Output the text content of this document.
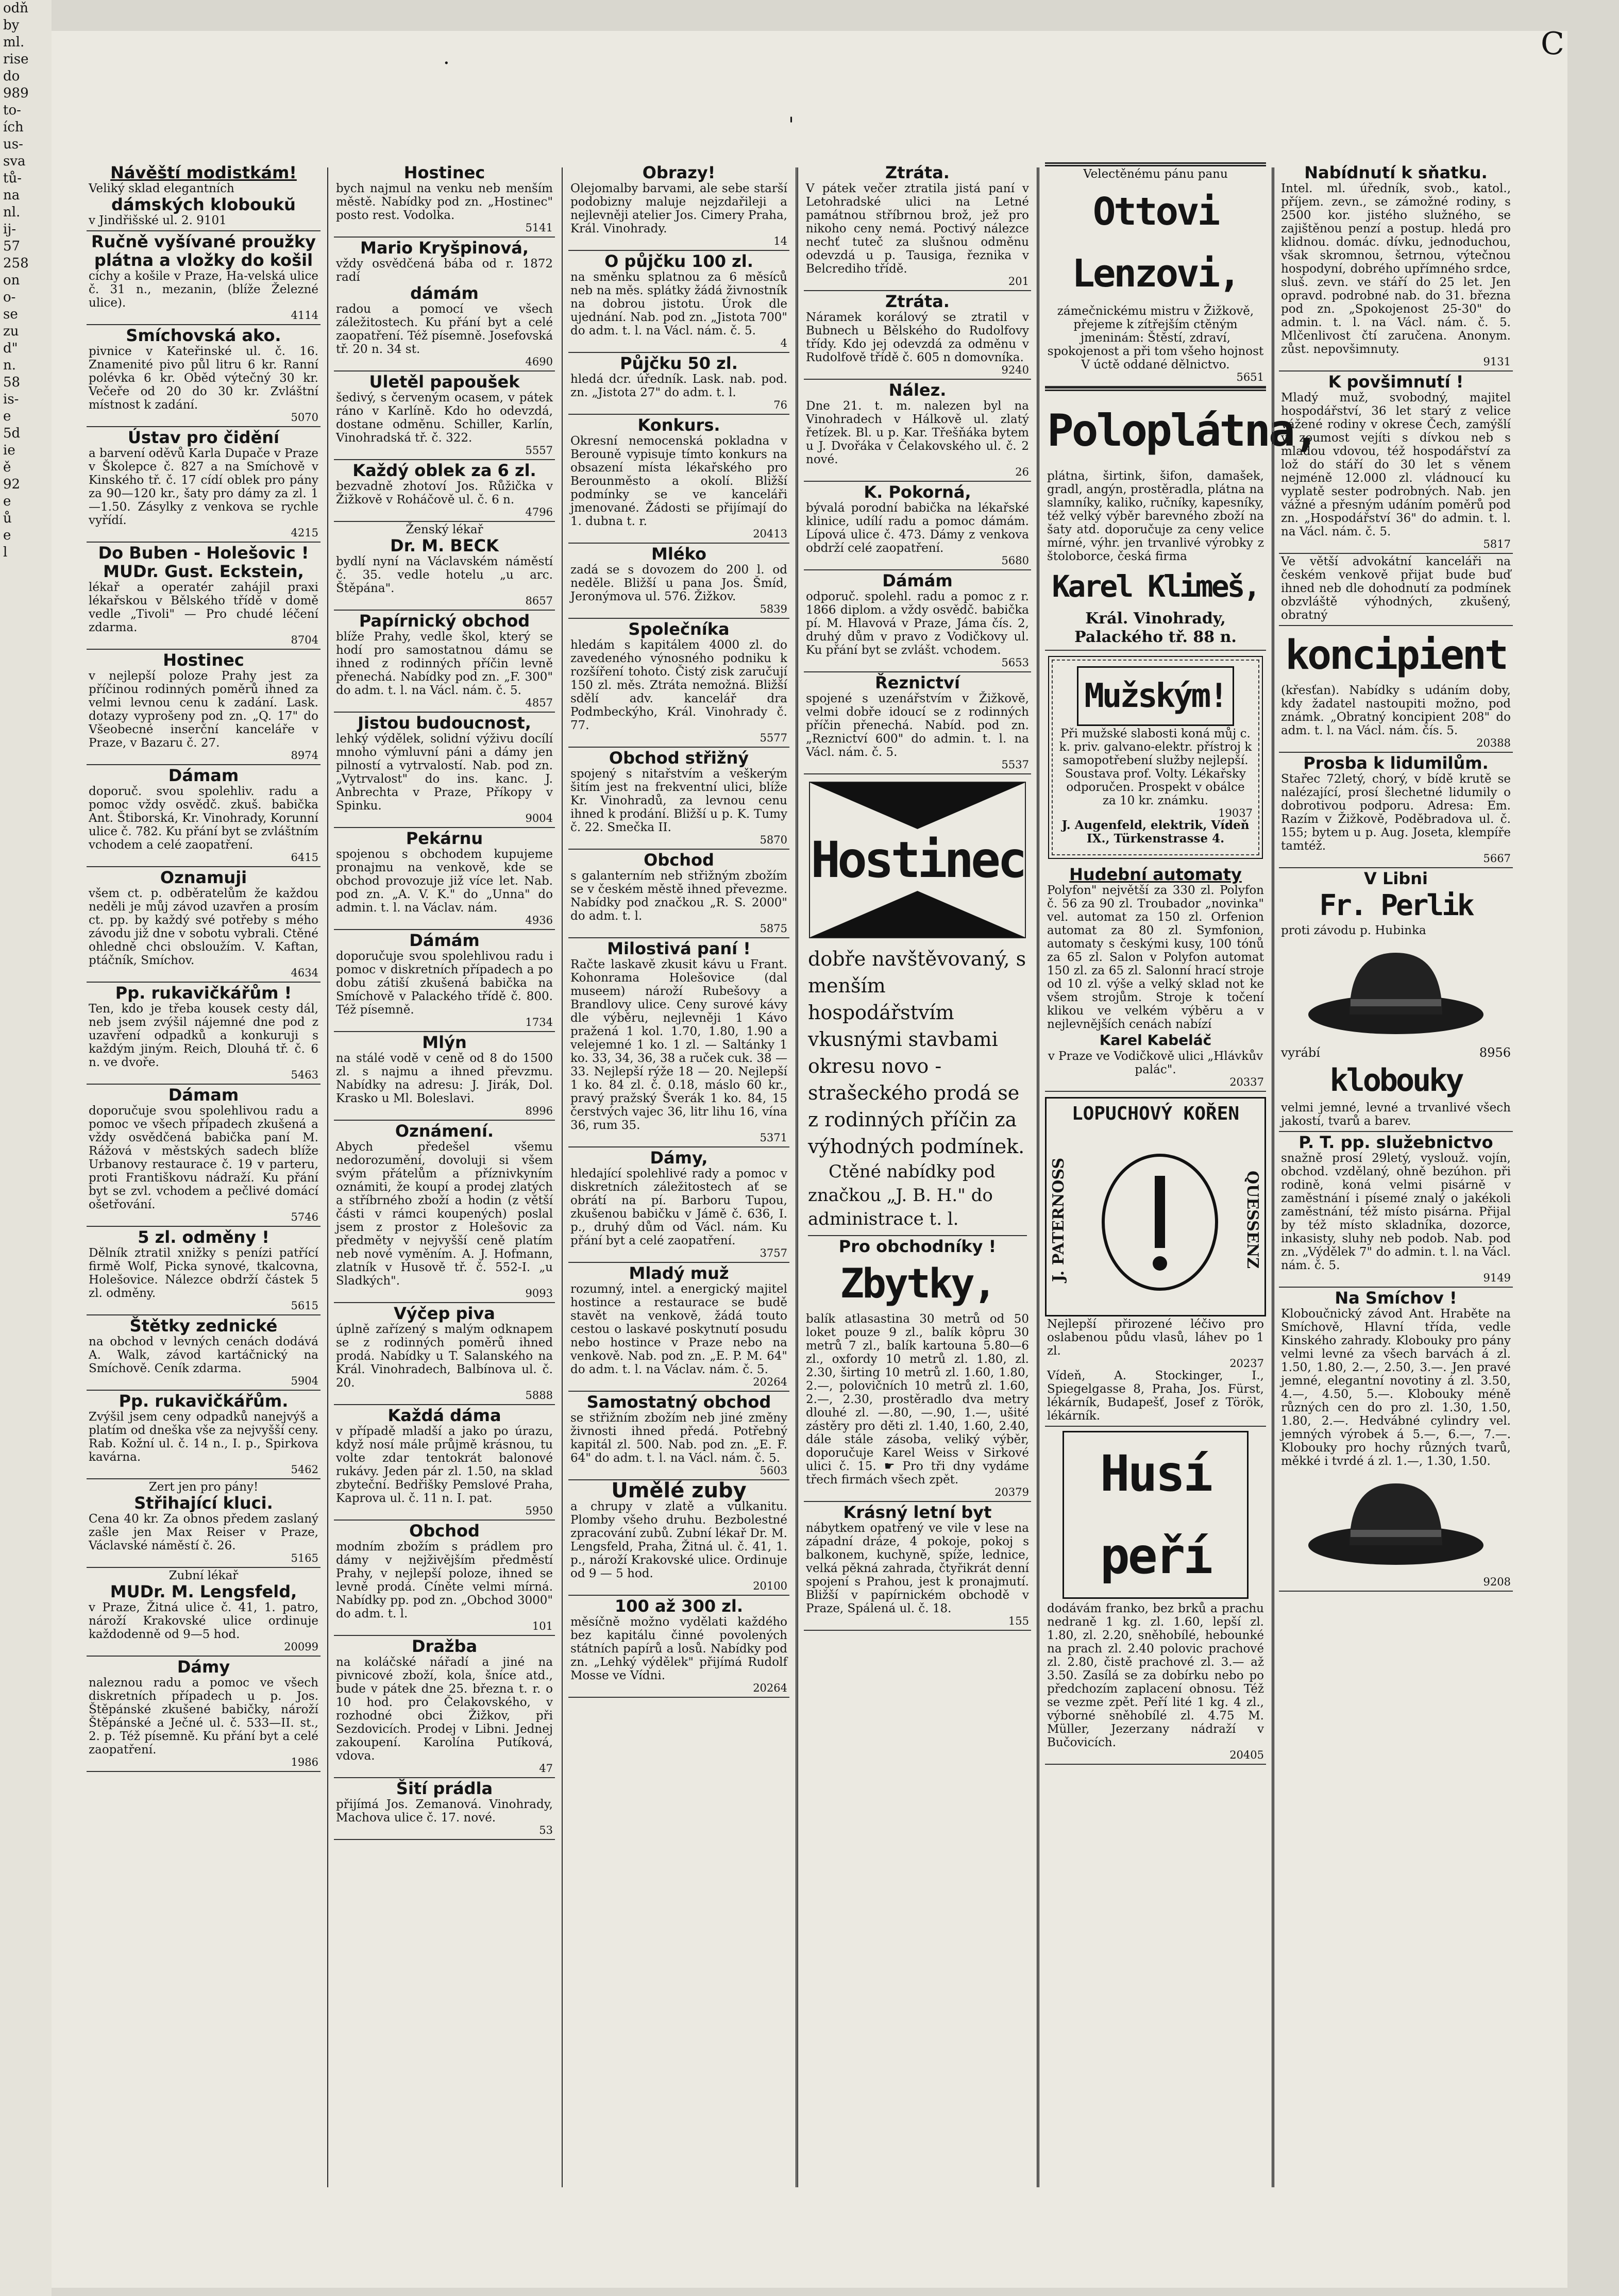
odň
by
ml.
rise
do
989
to-
ích
us-
sva
tů-
na
nl.
ij-
57
258
on
o-
se
zu
d"
n.
58
is-
e
5d
ie
ě
92
e
ů
e
l
·
'
C
Návěští modistkám!

Veliký sklad elegantních

dámských kloboukŭ

v Jindřišské ul. 2. 9101

Ručně vyšívané proužky plátna a vložky do košil

cíchy a košile v Praze, Ha-velská ulice č. 31 n., mezanin, (blíže Železné ulice).

4114
Smíchovská ako.

pivnice v Kateřinské ul. č. 16. Znamenité pivo půl litru 6 kr. Ranní polévka 6 kr. Oběd výtečný 30 kr. Večeře od 20 do 30 kr. Zvláštní místnost k zadání.

5070
Ústav pro čidění

a barvení oděvů Karla Dupače v Praze v Školepce č. 827 a na Smíchově v Kinského tř. č. 17 cídí oblek pro pány za 90—120 kr., šaty pro dámy za zl. 1—1.50. Zásylky z venkova se rychle vyřídí.

4215
Do Buben - Holešovic ! MUDr. Gust. Eckstein,

lékař a operatér zahájil praxi lékařskou v Bělského třídě v domě vedle „Tivoli" — Pro chudé léčení zdarma.

8704
Hostinec

v nejlepší poloze Prahy jest za příčinou rodinných poměrů ihned za velmi levnou cenu k zadání. Lask. dotazy vyprošeny pod zn. „Q. 17" do Všeobecné inserční kanceláře v Praze, v Bazaru č. 27.

8974
Dámam

doporuč. svou spolehliv. radu a pomoc vždy osvědč. zkuš. babička Ant. Štiborská, Kr. Vinohrady, Korunní ulice č. 782. Ku přání byt se zvláštním vchodem a celé zaopatření.

6415
Oznamuji

všem ct. p. odběratelům že každou neděli je můj závod uzavřen a prosím ct. pp. by každý své potřeby s mého závodu již dne v sobotu vybrali. Ctěné ohledně chci obsloužím. V. Kaftan, ptáčník, Smíchov.

4634
Pp. rukavičkářům !

Ten, kdo je třeba kousek cesty dál, neb jsem zvýšil nájemné dne pod z uzavření odpadků a konkuruji s každým jiným. Reich, Dlouhá tř. č. 6 n. ve dvoře.

5463
Dámam

doporučuje svou spolehlivou radu a pomoc ve všech případech zkušená a vždy osvědčená babička paní M. Rážová v městských sadech blíže Urbanovy restaurace č. 19 v parteru, proti Františkovu nádraží. Ku přání byt se zvl. vchodem a pečlivé domácí ošetřování.

5746
5 zl. odměny !

Dělník ztratil xnižky s penízi patřící firmě Wolf, Picka synové, tkalcovna, Holešovice. Nálezce obdrží částek 5 zl. odměny.

5615
Štětky zednické

na obchod v levných cenách dodává A. Walk, závod kartáčnický na Smíchově. Ceník zdarma.

5904
Pp. rukavičkářům.

Zvýšil jsem ceny odpadků nanejvýš a platím od dneška vše za nejvyšší ceny. Rab. Kožní ul. č. 14 n., I. p., Spirkova kavárna.

5462

Zert jen pro pány!

Střihající kluci.

Cena 40 kr. Za obnos předem zaslaný zašle jen Max Reiser v Praze, Václavské náměstí č. 26.

5165

Zubní lékař

MUDr. M. Lengsfeld,

v Praze, Žitná ulice č. 41, 1. patro, nároží Krakovské ulice ordinuje každodenně od 9—5 hod.

20099
Dámy

naleznou radu a pomoc ve všech diskretních případech u p. Jos. Štěpánské zkušené babičky, nároží Štěpánské a Ječné ul. č. 533—II. st., 2. p. Též písemně. Ku přání byt a celé zaopatření.

1986
Hostinec

bych najmul na venku neb menším městě. Nabídky pod zn. „Hostinec" posto rest. Vodolka.

5141
Mario Kryšpinová,

vždy osvědčená bába od r. 1872 radí

dámám

radou a pomocí ve všech záležitostech. Ku přání byt a celé zaopatření. Též písemně. Josefovská tř. 20 n. 34 st.

4690
Uletěl papoušek

šedivý, s červeným ocasem, v pátek ráno v Karlíně. Kdo ho odevzdá, dostane odměnu. Schiller, Karlín, Vinohradská tř. č. 322.

5557
Každý oblek za 6 zl.

bezvadně zhotoví Jos. Růžička v Žižkově v Roháčově ul. č. 6 n.

4796

Ženský lékař

Dr. M. BECK

bydlí nyní na Václavském náměstí č. 35. vedle hotelu „u arc. Štěpána".

8657
Papírnický obchod

blíže Prahy, vedle škol, který se hodí pro samostatnou dámu se ihned z rodinných příčin levně přenechá. Nabídky pod zn. „F. 300" do adm. t. l. na Václ. nám. č. 5.

4857
Jistou budoucnost,

lehký výdělek, solidní výživu docílí mnoho výmluvní páni a dámy jen pilností a vytrvalostí. Nab. pod zn. „Vytrvalost" do ins. kanc. J. Anbrechta v Praze, Příkopy v Spinku.

9004
Pekárnu

spojenou s obchodem kupujeme pronajmu na venkově, kde se obchod provozuje již více let. Nab. pod zn. „A. V. K." do „Unna" do admin. t. l. na Václav. nám.

4936
Dámám

doporučuje svou spolehlivou radu i pomoc v diskretních případech a po dobu zátiší zkušená babička na Smíchově v Palackého třídě č. 800. Též písemně.

1734
Mlýn

na stálé vodě v ceně od 8 do 1500 zl. s najmu a ihned převzmu. Nabídky na adresu: J. Jirák, Dol. Krasko u Ml. Boleslavi.

8996
Oznámení.

Abych předešel všemu nedorozumění, dovoluji si všem svým přátelům a příznivkyním oznámiti, že koupí a prodej zlatých a stříbrného zboží a hodin (z větší části v rámci koupených) poslal jsem z prostor z Holešovic za předměty v nejvyšší ceně platím neb nové vyměním. A. J. Hofmann, zlatník v Husově tř. č. 552-I. „u Sladkých".

9093
Výčep piva

úplně zařízený s malým odknapem se z rodinných poměrů ihned prodá. Nabídky u T. Salanského na Král. Vinohradech, Balbínova ul. č. 20.

5888
Každá dáma

v případě mladší a jako po úrazu, když nosí mále průjmě krásnou, tu volte zdar tentokrát balonové rukávy. Jeden pár zl. 1.50, na sklad zbyteční. Bedřišky Pemslové Praha, Kaprova ul. č. 11 n. I. pat.

5950
Obchod

modním zbožím s prádlem pro dámy v nejživějším předměstí Prahy, v nejlepší poloze, ihned se levně prodá. Cíněte velmi mírná. Nabídky pp. pod zn. „Obchod 3000" do adm. t. l.

101
Dražba

na koláčské nářadí a jiné na pivnicové zboží, kola, šníce atd., bude v pátek dne 25. března t. r. o 10 hod. pro Čelakovského, v rozhodné obci Žižkov, při Sezdovicích. Prodej v Libni. Jednej zakoupení. Karolína Putíková, vdova.

47
Šití prádla

přijímá Jos. Zemanová. Vinohrady, Machova ulice č. 17. nové.

53
Obrazy!

Olejomalby barvami, ale sebe starší podobizny maluje nejzdařileji a nejlevněji atelier Jos. Cimery Praha, Král. Vinohrady.

14
O půjčku 100 zl.

na směnku splatnou za 6 měsíců neb na měs. splátky žádá živnostník na dobrou jistotu. Úrok dle ujednání. Nab. pod zn. „Jistota 700" do adm. t. l. na Václ. nám. č. 5.

4
Půjčku 50 zl.

hledá dcr. úředník. Lask. nab. pod. zn. „Jistota 27" do adm. t. l.

76
Konkurs.

Okresní nemocenská pokladna v Berouně vypisuje tímto konkurs na obsazení místa lékařského pro Berounměsto a okolí. Bližší podmínky se ve kanceláři jmenované. Žádosti se přijímají do 1. dubna t. r.

20413
Mléko

zadá se s dovozem do 200 l. od neděle. Bližší u pana Jos. Šmíd, Jeronýmova ul. 576. Žižkov.

5839
Společníka

hledám s kapitálem 4000 zl. do zavedeného výnosného podniku k rozšíření tohoto. Čistý zisk zaručují 150 zl. měs. Ztráta nemožná. Bližší sdělí adv. kancelář dra Podmbeckýho, Král. Vinohrady č. 77.

5577
Obchod střižný

spojený s nitařstvím a veškerým šitím jest na frekventní ulici, blíže Kr. Vinohradů, za levnou cenu ihned k prodání. Bližší u p. K. Tumy č. 22. Smečka II.

5870
Obchod

s galanterním neb střižným zbožím se v českém městě ihned převezme. Nabídky pod značkou „R. S. 2000" do adm. t. l.

5875
Milostivá paní !

Račte laskavě zkusit kávu u Frant. Kohonrama Holešovice (dal museem) nároží Rubešovy a Brandlovy ulice. Ceny surové kávy dle výběru, nejlevněji 1 Kávo pražená 1 kol. 1.70, 1.80, 1.90 a velejemné 1 ko. 1 zl. — Saltánky 1 ko. 33, 34, 36, 38 a ruček cuk. 38 — 33. Nejlepší rýže 18 — 20. Nejlepší 1 ko. 84 zl. č. 0.18, máslo 60 kr., pravý pražský Šverák 1 ko. 84, 15 čerstvých vajec 36, litr lihu 16, vína 36, rum 35.

5371
Dámy,

hledající spolehlivé rady a pomoc v diskretních záležitostech ať se obrátí na pí. Barboru Tupou, zkušenou babičku v Jámě č. 636, I. p., druhý dům od Václ. nám. Ku přání byt a celé zaopatření.

3757
Mladý muž

rozumný, intel. a energický majitel hostince a restaurace se budě stavět na venkově, žádá touto cestou o laskavé poskytnutí posudu nebo hostince v Praze nebo na venkově. Nab. pod zn. „E. P. M. 64" do adm. t. l. na Václav. nám. č. 5.

20264
Samostatný obchod

se střižním zbožím neb jiné změny živnosti ihned předá. Potřebný kapitál zl. 500. Nab. pod zn. „E. F. 64" do adm. t. l. na Václ. nám. č. 5.

5603
Umělé zuby

a chrupy v zlatě a vulkanitu. Plomby všeho druhu. Bezbolestné zpracování zubů. Zubní lékař Dr. M. Lengsfeld, Praha, Žitná ul. č. 41, 1. p., nároží Krakovské ulice. Ordinuje od 9 — 5 hod.

20100
100 až 300 zl.

měsíčně možno vydělati každého bez kapitálu činné povolených státních papírů a losů. Nabídky pod zn. „Lehký výdělek" přijímá Rudolf Mosse ve Vídni.

20264
Ztráta.

V pátek večer ztratila jistá paní v Letohradské ulici na Letné památnou stříbrnou brož, jež pro nikoho ceny nemá. Poctivý nálezce nechť tuteč za slušnou odměnu odevzdá u p. Tausiga, řeznika v Belcrediho třídě.

201
Ztráta.

Náramek korálový se ztratil v Bubnech u Bělského do Rudolfovy třídy. Kdo jej odevzdá za odměnu v Rudolfově třídě č. 605 n domovníka.

9240
Nález.

Dne 21. t. m. nalezen byl na Vinohradech v Hálkově ul. zlatý řetízek. Bl. u p. Kar. Třešňáka bytem u J. Dvořáka v Čelakovského ul. č. 2 nové.

26
K. Pokorná,

bývalá porodní babička na lékařské klinice, udílí radu a pomoc dámám. Lípová ulice č. 473. Dámy z venkova obdrží celé zaopatření.

5680
Dámám

odporuč. spolehl. radu a pomoc z r. 1866 diplom. a vždy osvědč. babička pí. M. Hlavová v Praze, Jáma čís. 2, druhý dům v pravo z Vodičkovy ul. Ku přání byt se zvlášt. vchodem.

5653
Řeznictví

spojené s uzenářstvím v Žižkově, velmi dobře idoucí se z rodinných příčin přenechá. Nabíd. pod zn. „Reznictví 600" do admin. t. l. na Václ. nám. č. 5.

5537
Hostinec
dobře navštěvovaný, s menším hospodářstvím vkusnými stavbami okresu novo - strašeckého prodá se z rodinných příčin za výhodných podmínek.
Ctěné nabídky pod značkou „J. B. H." do administrace t. l.
Pro obchodníky !
Zbytky,

balík atlasastina 30 metrů od 50 loket pouze 9 zl., balík kôpru 30 metrů 7 zl., balík kartouna 5.80—6 zl., oxfordy 10 metrů zl. 1.80, zl. 2.30, širting 10 metrů zl. 1.60, 1.80, 2.—, polovičních 10 metrů zl. 1.60, 2.—, 2.30, prostěradlo dva metry dlouhé zl. —.80, —.90, 1.—, ušité zástěry pro děti zl. 1.40, 1.60, 2.40, dále stále zásoba, veliký výběr, doporučuje Karel Weiss v Sirkové ulici č. 15. ☛ Pro tři dny vydáme třech firmách všech zpět.

20379
Krásný letní byt

nábytkem opatřený ve vile v lese na západní dráze, 4 pokoje, pokoj s balkonem, kuchyně, spíže, lednice, velká pěkná zahrada, čtyřikrát denní spojení s Prahou, jest k pronajmutí. Bližší v papírnickém obchodě v Praze, Spálená ul. č. 18.

155

Velectěnému pánu panu

Ottovi Lenzovi,

zámečnickému mistru v Žižkově, přejeme k zítřejším ctěným jmeninám: Štěstí, zdraví, spokojenost a při tom všeho hojnost V úctě oddané dělnictvo.

5651
Poloplátna,

plátna, širtink, šifon, damašek, gradl, angýn, prostěradla, plátna na slamníky, kaliko, ručníky, kapesníky, též velký výběr barevného zboží na šaty atd. doporučuje za ceny velice mírné, výhr. jen trvanlivé výrobky z štoloborce, česká firma

Karel Klimeš,

Král. Vinohrady, Palackého tř. 88 n.

Mužským!

Při mužské slabosti koná můj c. k. priv. galvano-elektr. přístroj k samopotřebení služby nejlepší. Soustava prof. Volty. Lékařsky odporučen. Prospekt v obálce za 10 kr. známku.

19037

J. Augenfeld, elektrik, Vídeň IX., Türkenstrasse 4.

Hudební automaty

Polyfon" největší za 330 zl. Polyfon č. 56 za 90 zl. Troubador „novinka" vel. automat za 150 zl. Orfenion automat za 80 zl. Symfonion, automaty s českými kusy, 100 tónů za 65 zl. Salon v Polyfon automat 150 zl. za 65 zl. Salonní hrací stroje od 10 zl. výše a velký sklad not ke všem strojům. Stroje k točení klikou ve velkém výběru a v nejlevnějších cenách nabízí

Karel Kabeláč

v Praze ve Vodičkově ulici „Hlávkův palác".

20337
LOPUCHOVÝ KOŘEN
J. PATERNOSS	QUESSENZ

Nejlepší přirozené léčivo pro oslabenou půdu vlasů, láhev po 1 zl.

20237

Vídeň, A. Stockinger, I., Spiegelgasse 8, Praha, Jos. Fürst, lékárník, Budapešť, Josef z Török, lékárník.

Husí peří

dodávám franko, bez brků a prachu nedraně 1 kg. zl. 1.60, lepší zl. 1.80, zl. 2.20, sněhobílé, hebounké na prach zl. 2.40 polovic prachové zl. 2.80, čistě prachové zl. 3.— až 3.50. Zasílá se za dobírku nebo po předchozím zaplacení obnosu. Též se vezme zpět. Peří lité 1 kg. 4 zl., výborné sněhobílé zl. 4.75 M. Müller, Jezerzany nádraží v Bučovicích.

20405
Nabídnutí k sňatku.

Intel. ml. úředník, svob., katol., příjem. zevn., se zámožné rodiny, s 2500 kor. jistého služného, se zajištěnou penzí a postup. hledá pro klidnou. domác. dívku, jednoduchou, však skromnou, šetrnou, výtečnou hospodyní, dobrého upřímného srdce, sluš. zevn. ve stáří do 25 let. Jen opravd. podrobné nab. do 31. března pod zn. „Spokojenost 25-30" do admin. t. l. na Václ. nám. č. 5. Mlčenlivost čtí zaručena. Anonym. zůst. nepovšimnuty.

9131
K povšimnutí !

Mladý muž, svobodný, majitel hospodářství, 36 let starý z velice vážené rodiny v okrese Čech, zamýšlí v zoumost vejíti s dívkou neb s mladou vdovou, též hospodářství za lož do stáří do 30 let s věnem nejméně 12.000 zl. vládnoucí ku vyplatě sester podrobných. Nab. jen vážné a přesným udáním poměrů pod zn. „Hospodářství 36" do admin. t. l. na Václ. nám. č. 5.

5817

Ve větší advokátní kanceláři na českém venkově přijat bude buď ihned neb dle dohodnutí za podmínek obzvláště výhodných, zkušený, obratný

koncipient

(křesťan). Nabídky s udáním doby, kdy žadatel nastoupiti možno, pod známk. „Obratný koncipient 208" do adm. t. l. na Václ. nám. čís. 5.

20388
Prosba k lidumilům.

Stařec 72letý, chorý, v bídě krutě se nalézající, prosí šlechetné lidumily o dobrotivou podporu. Adresa: Em. Razím v Žižkově, Poděbradova ul. č. 155; bytem u p. Aug. Joseta, klempíře tamtéž.

5667
V Libni
Fr. Perlik

proti závodu p. Hubinka

vyrábí	8956
klobouky

velmi jemné, levné a trvanlivé všech jakostí, tvarů a barev.

P. T. pp. služebnictvo

snažně prosí 29letý, vyslouž. vojín, obchod. vzdělaný, ohně bezúhon. při rodině, koná velmi pisárně v zaměstnání i písemé znalý o jakékoli zaměstnání, též místo pisárna. Přijal by též místo skladníka, dozorce, inkasisty, sluhy neb podob. Nab. pod zn. „Výdělek 7" do admin. t. l. na Václ. nám. č. 5.

9149
Na Smíchov !

Kloboučnický závod Ant. Hraběte na Smíchově, Hlavní třída, vedle Kinského zahrady. Klobouky pro pány velmi levné za všech barvách á zl. 1.50, 1.80, 2.—, 2.50, 3.—. Jen pravé jemné, elegantní novotiny á zl. 3.50, 4.—, 4.50, 5.—. Klobouky méně různých cen do pro zl. 1.30, 1.50, 1.80, 2.—. Hedvábné cylindry vel. jemných výrobek á 5.—, 6.—, 7.—. Klobouky pro hochy různých tvarů, měkké i tvrdé á zl. 1.—, 1.30, 1.50.

9208
